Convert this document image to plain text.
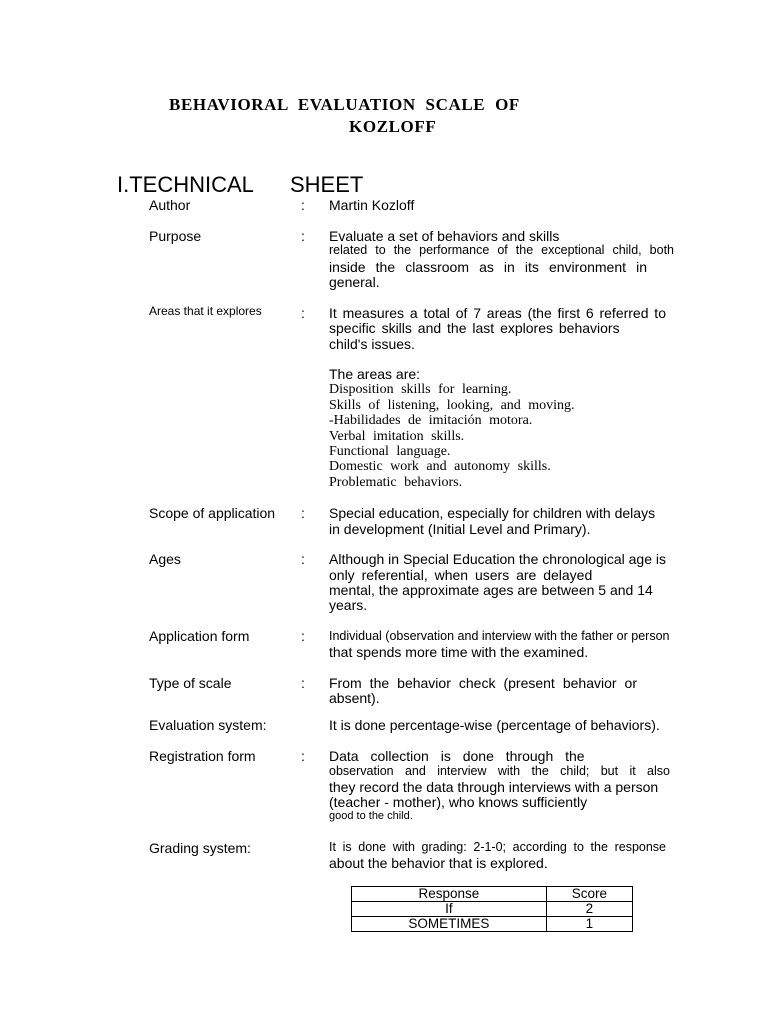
BEHAVIORAL EVALUATION SCALE OF
KOZLOFF
I.TECHNICAL SHEET
Author	: Martin Kozloff
Purpose	: Evaluate a set of behaviors and skills
related to the performance of the exceptional child, both
inside the classroom as in its environment in
general.
Areas that it explores	: It measures a total of 7 areas (the first 6 referred to
specific skills and the last explores behaviors
child's issues.
The areas are:
Disposition skills for learning.
Skills of listening, looking, and moving.
-Habilidades de imitación motora.
Verbal imitation skills.
Functional language.
Domestic work and autonomy skills.
Problematic behaviors.
Scope of application : Special education, especially for children with delays
in development (Initial Level and Primary).
Ages	: Although in Special Education the chronological age is
only referential, when users are delayed
mental, the approximate ages are between 5 and 14
years.
Application form	: Individual (observation and interview with the father or person
that spends more time with the examined.
Type of scale	: From the behavior check (present behavior or
absent).
Evaluation system:	It is done percentage-wise (percentage of behaviors).
Registration form	: Data collection is done through the
observation and interview with the child; but it also
they record the data through interviews with a person
(teacher - mother), who knows sufficiently
good to the child.
Grading system:	It is done with grading: 2-1-0; according to the response
about the behavior that is explored.
Response	Score
If	2
SOMETIMES	1
